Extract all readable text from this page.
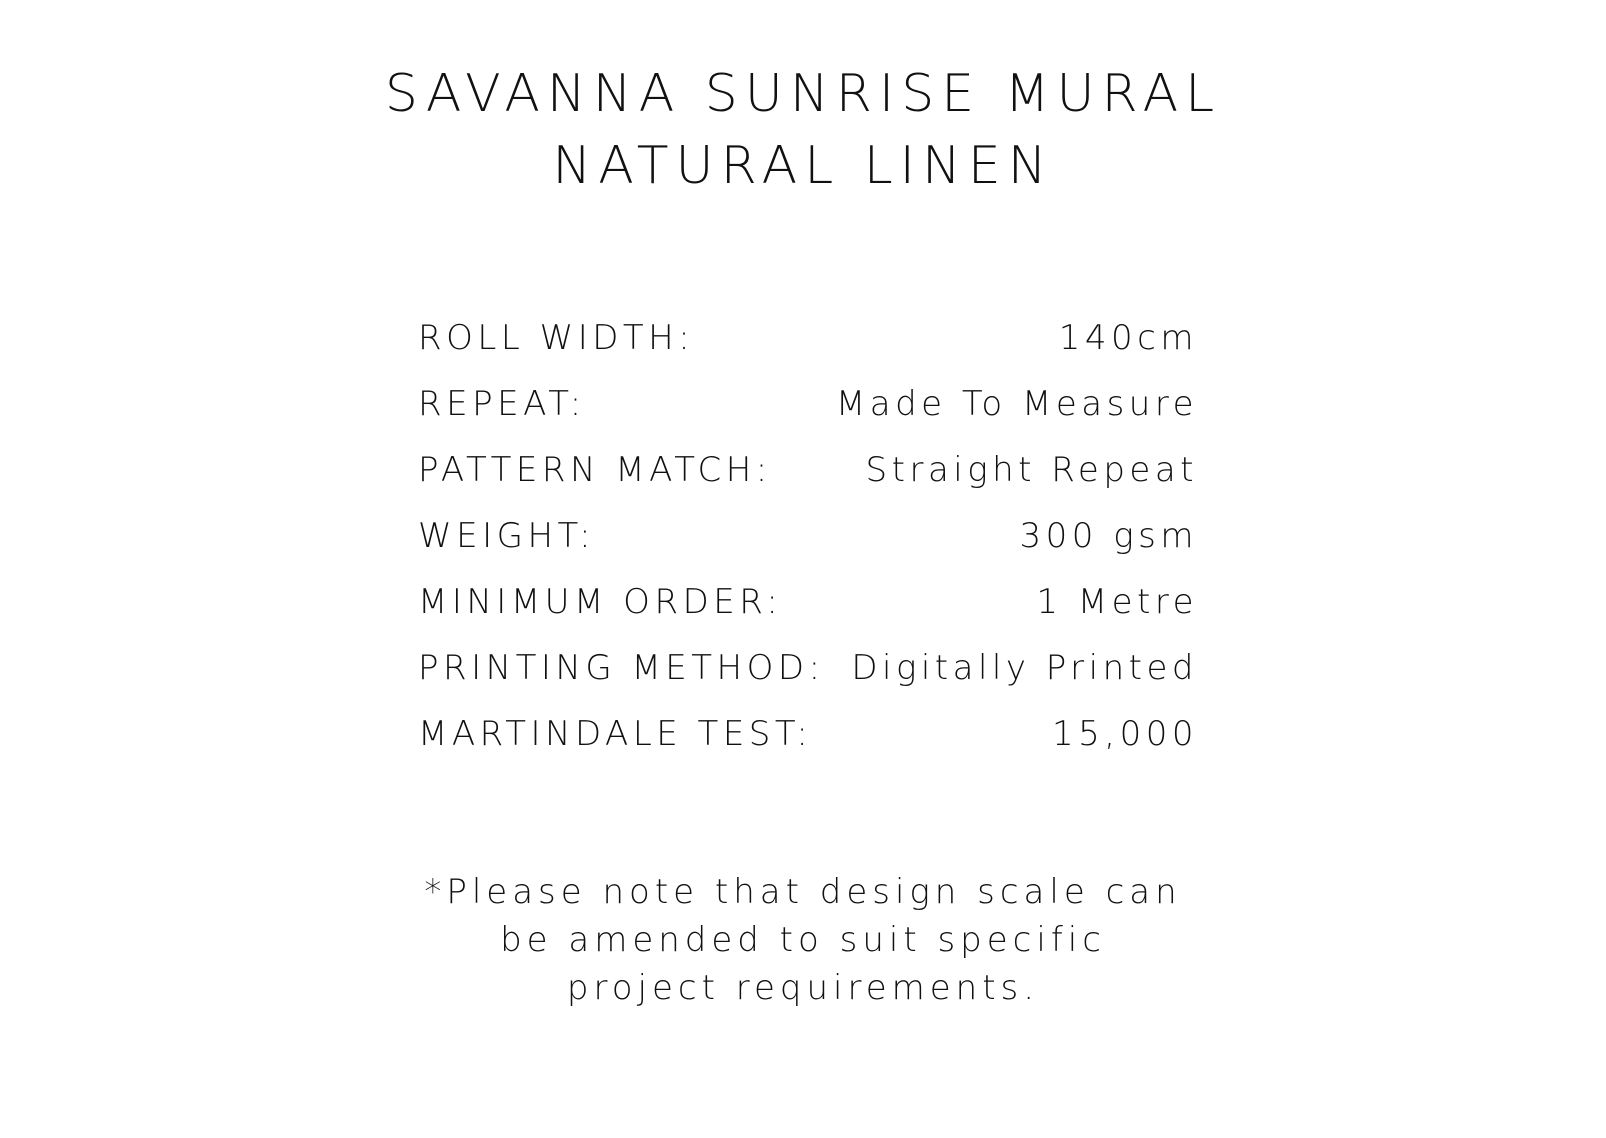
SAVANNA SUNRISE MURAL
NATURAL LINEN
ROLL WIDTH:	140cm
REPEAT:	Made To Measure
PATTERN MATCH:	Straight Repeat
WEIGHT:	300 gsm
MINIMUM ORDER:	1 Metre
PRINTING METHOD: Digitally Printed
MARTINDALE TEST:	15,000
*Please note that design scale can
be amended to suit specific
project requirements.
